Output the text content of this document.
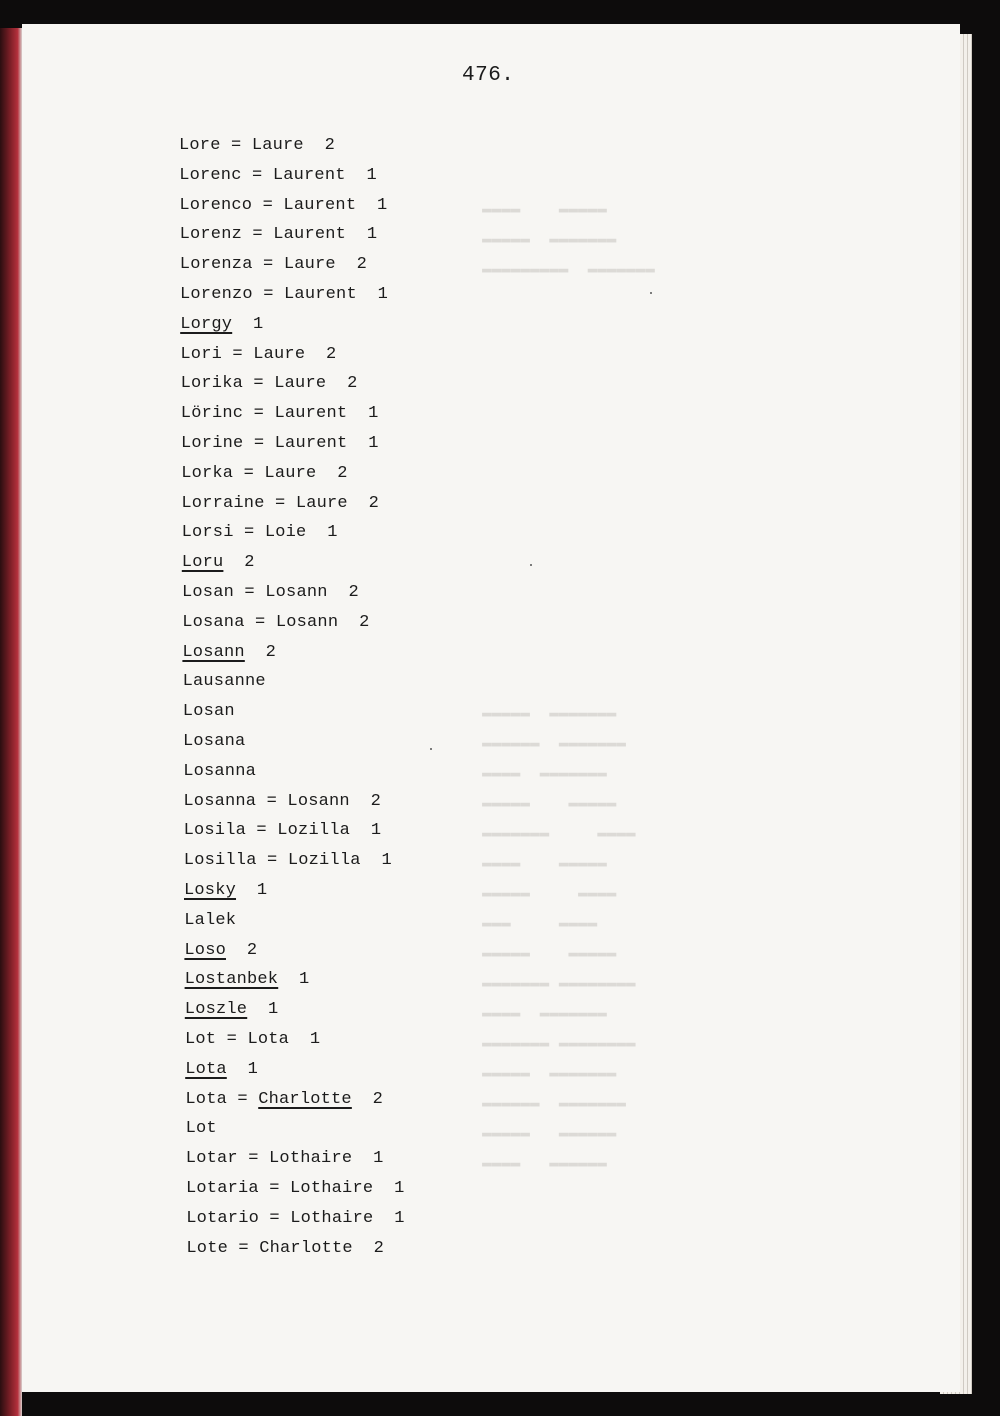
▬▬▬▬▬    ▬▬▬▬
▬▬▬▬▬▬▬  ▬▬▬▬▬
▬▬▬▬▬▬▬  ▬▬▬▬▬▬▬▬▬
▬▬▬▬▬▬▬  ▬▬▬▬▬
▬▬▬▬▬▬▬  ▬▬▬▬▬▬
▬▬▬▬▬▬▬  ▬▬▬▬
▬▬▬▬▬    ▬▬▬▬▬
▬▬▬▬     ▬▬▬▬▬▬▬
▬▬▬▬▬    ▬▬▬▬
▬▬▬▬     ▬▬▬▬▬
▬▬▬▬     ▬▬▬
▬▬▬▬▬    ▬▬▬▬▬
▬▬▬▬▬▬▬▬ ▬▬▬▬▬▬▬
▬▬▬▬▬▬▬  ▬▬▬▬
▬▬▬▬▬▬▬▬ ▬▬▬▬▬▬▬
▬▬▬▬▬▬▬  ▬▬▬▬▬
▬▬▬▬▬▬▬  ▬▬▬▬▬▬
▬▬▬▬▬▬   ▬▬▬▬▬
▬▬▬▬▬▬   ▬▬▬▬
476.
Lore = Laure 2
Lorenc = Laurent 1
Lorenco = Laurent 1
Lorenz = Laurent 1
Lorenza = Laure 2
Lorenzo = Laurent 1
Lorgy 1
Lori = Laure 2
Lorika = Laure 2
Lörinc = Laurent 1
Lorine = Laurent 1
Lorka = Laure 2
Lorraine = Laure 2
Lorsi = Loie 1
Loru 2
Losan = Losann 2
Losana = Losann 2
Losann 2
Lausanne
Losan
Losana
Losanna
Losanna = Losann 2
Losila = Lozilla 1
Losilla = Lozilla 1
Losky 1
Lalek
Loso 2
Lostanbek 1
Loszle 1
Lot = Lota 1
Lota 1
Lota = Charlotte 2
Lot
Lotar = Lothaire 1
Lotaria = Lothaire 1
Lotario = Lothaire 1
Lote = Charlotte 2
